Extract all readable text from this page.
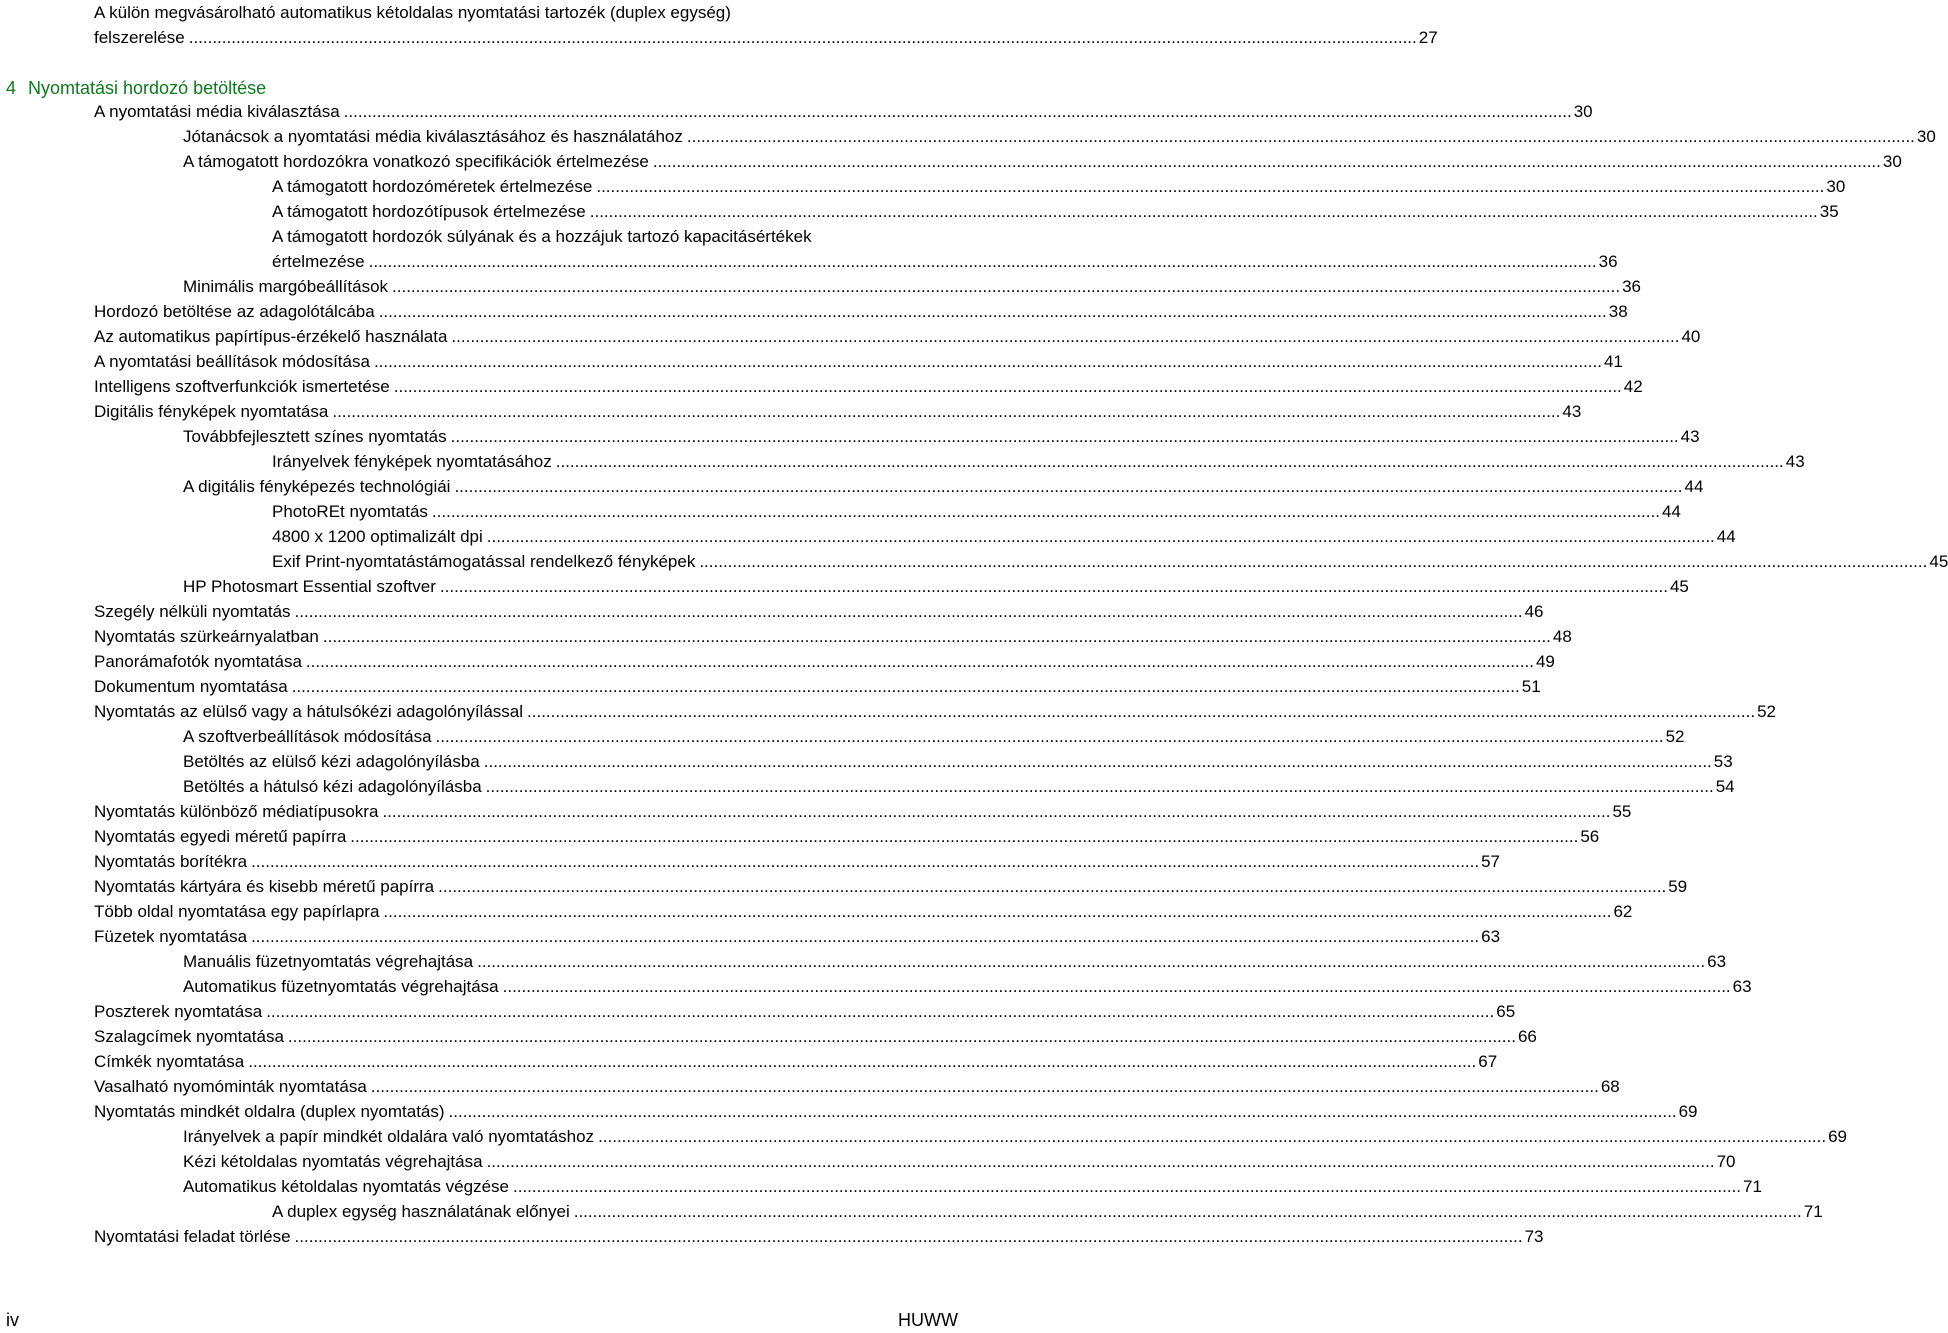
A külön megvásárolható automatikus kétoldalas nyomtatási tartozék (duplex egység)
felszerelése .................................................................................................................................................................................................................................................................... 27
4 Nyomtatási hordozó betöltése
A nyomtatási média kiválasztása .................................................................................................................................................................................................................................................................... 30
Jótanácsok a nyomtatási média kiválasztásához és használatához .................................................................................................................................................................................................................................................................... 30
A támogatott hordozókra vonatkozó specifikációk értelmezése .................................................................................................................................................................................................................................................................... 30
A támogatott hordozóméretek értelmezése .................................................................................................................................................................................................................................................................... 30
A támogatott hordozótípusok értelmezése .................................................................................................................................................................................................................................................................... 35
A támogatott hordozók súlyának és a hozzájuk tartozó kapacitásértékek
értelmezése .................................................................................................................................................................................................................................................................... 36
Minimális margóbeállítások .................................................................................................................................................................................................................................................................... 36
Hordozó betöltése az adagolótálcába .................................................................................................................................................................................................................................................................... 38
Az automatikus papírtípus-érzékelő használata .................................................................................................................................................................................................................................................................... 40
A nyomtatási beállítások módosítása .................................................................................................................................................................................................................................................................... 41
Intelligens szoftverfunkciók ismertetése .................................................................................................................................................................................................................................................................... 42
Digitális fényképek nyomtatása .................................................................................................................................................................................................................................................................... 43
Továbbfejlesztett színes nyomtatás .................................................................................................................................................................................................................................................................... 43
Irányelvek fényképek nyomtatásához .................................................................................................................................................................................................................................................................... 43
A digitális fényképezés technológiái .................................................................................................................................................................................................................................................................... 44
PhotoREt nyomtatás .................................................................................................................................................................................................................................................................... 44
4800 x 1200 optimalizált dpi .................................................................................................................................................................................................................................................................... 44
Exif Print-nyomtatástámogatással rendelkező fényképek .................................................................................................................................................................................................................................................................... 45
HP Photosmart Essential szoftver .................................................................................................................................................................................................................................................................... 45
Szegély nélküli nyomtatás .................................................................................................................................................................................................................................................................... 46
Nyomtatás szürkeárnyalatban .................................................................................................................................................................................................................................................................... 48
Panorámafotók nyomtatása .................................................................................................................................................................................................................................................................... 49
Dokumentum nyomtatása .................................................................................................................................................................................................................................................................... 51
Nyomtatás az elülső vagy a hátulsókézi adagolónyílással .................................................................................................................................................................................................................................................................... 52
A szoftverbeállítások módosítása .................................................................................................................................................................................................................................................................... 52
Betöltés az elülső kézi adagolónyílásba .................................................................................................................................................................................................................................................................... 53
Betöltés a hátulsó kézi adagolónyílásba .................................................................................................................................................................................................................................................................... 54
Nyomtatás különböző médiatípusokra .................................................................................................................................................................................................................................................................... 55
Nyomtatás egyedi méretű papírra .................................................................................................................................................................................................................................................................... 56
Nyomtatás borítékra .................................................................................................................................................................................................................................................................... 57
Nyomtatás kártyára és kisebb méretű papírra .................................................................................................................................................................................................................................................................... 59
Több oldal nyomtatása egy papírlapra .................................................................................................................................................................................................................................................................... 62
Füzetek nyomtatása .................................................................................................................................................................................................................................................................... 63
Manuális füzetnyomtatás végrehajtása .................................................................................................................................................................................................................................................................... 63
Automatikus füzetnyomtatás végrehajtása .................................................................................................................................................................................................................................................................... 63
Poszterek nyomtatása .................................................................................................................................................................................................................................................................... 65
Szalagcímek nyomtatása .................................................................................................................................................................................................................................................................... 66
Címkék nyomtatása .................................................................................................................................................................................................................................................................... 67
Vasalható nyomóminták nyomtatása .................................................................................................................................................................................................................................................................... 68
Nyomtatás mindkét oldalra (duplex nyomtatás) .................................................................................................................................................................................................................................................................... 69
Irányelvek a papír mindkét oldalára való nyomtatáshoz .................................................................................................................................................................................................................................................................... 69
Kézi kétoldalas nyomtatás végrehajtása .................................................................................................................................................................................................................................................................... 70
Automatikus kétoldalas nyomtatás végzése .................................................................................................................................................................................................................................................................... 71
A duplex egység használatának előnyei .................................................................................................................................................................................................................................................................... 71
Nyomtatási feladat törlése .................................................................................................................................................................................................................................................................... 73
iv	HUWW
